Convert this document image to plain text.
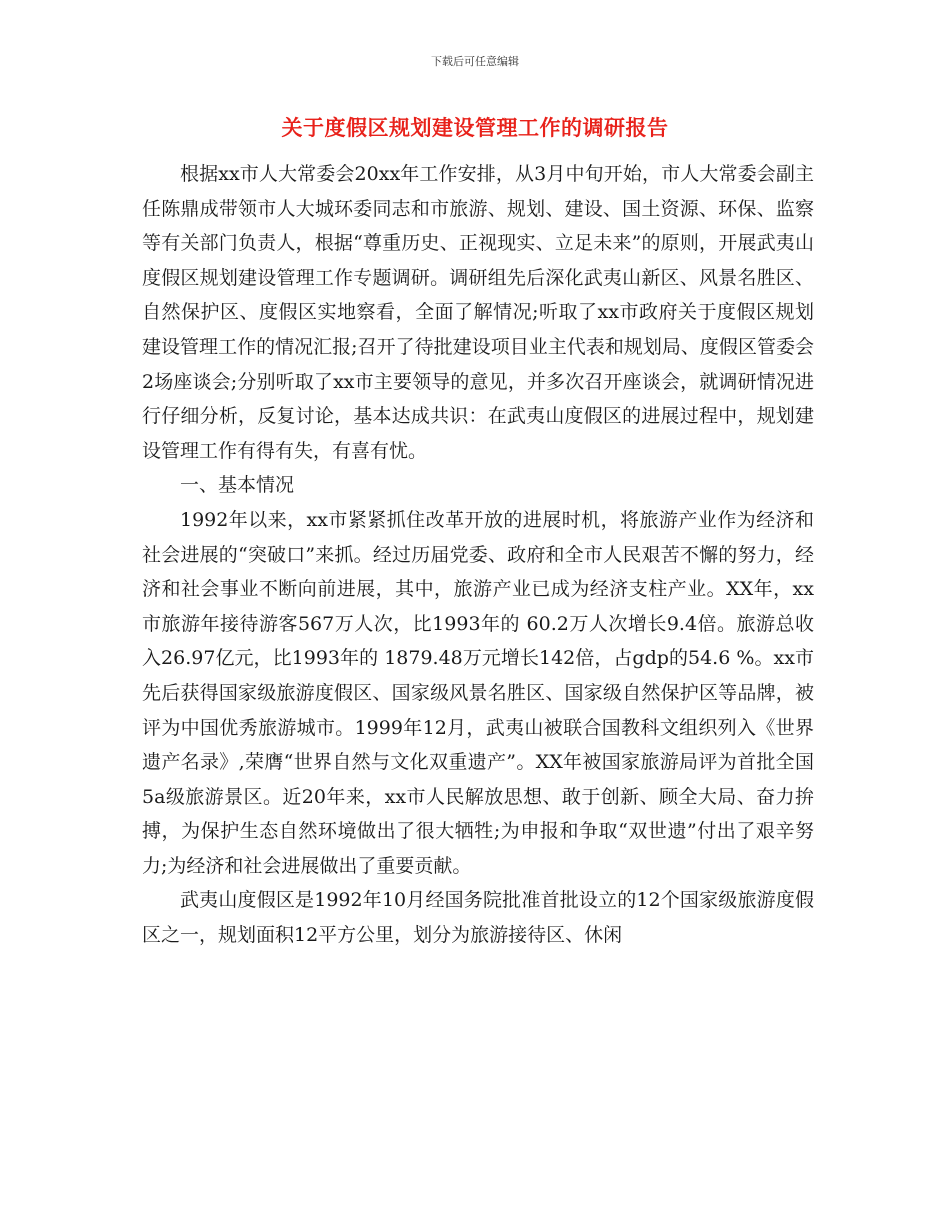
下载后可任意编辑
关于度假区规划建设管理工作的调研报告

根据xx市人大常委会20xx年工作安排，从3月中旬开始，市人大常委会副主任陈鼎成带领市人大城环委同志和市旅游、规划、建设、国土资源、环保、监察等有关部门负责人，根据“尊重历史、正视现实、立足未来”的原则，开展武夷山度假区规划建设管理工作专题调研。调研组先后深化武夷山新区、风景名胜区、自然保护区、度假区实地察看，全面了解情况;听取了xx市政府关于度假区规划建设管理工作的情况汇报;召开了待批建设项目业主代表和规划局、度假区管委会2场座谈会;分别听取了xx市主要领导的意见，并多次召开座谈会，就调研情况进行仔细分析，反复讨论，基本达成共识：在武夷山度假区的进展过程中，规划建设管理工作有得有失，有喜有忧。

一、基本情况

1992年以来，xx市紧紧抓住改革开放的进展时机，将旅游产业作为经济和社会进展的“突破口”来抓。经过历届党委、政府和全市人民艰苦不懈的努力，经济和社会事业不断向前进展，其中，旅游产业已成为经济支柱产业。XX年，xx市旅游年接待游客567万人次，比1993年的 60.2万人次增长9.4倍。旅游总收入26.97亿元，比1993年的 1879.48万元增长142倍，占gdp的54.6 %。xx市先后获得国家级旅游度假区、国家级风景名胜区、国家级自然保护区等品牌，被评为中国优秀旅游城市。1999年12月，武夷山被联合国教科文组织列入《世界遗产名录》,荣膺“世界自然与文化双重遗产”。XX年被国家旅游局评为首批全国5a级旅游景区。近20年来，xx市人民解放思想、敢于创新、顾全大局、奋力拚搏，为保护生态自然环境做出了很大牺牲;为申报和争取“双世遗”付出了艰辛努力;为经济和社会进展做出了重要贡献。

武夷山度假区是1992年10月经国务院批准首批设立的12个国家级旅游度假区之一，规划面积12平方公里，划分为旅游接待区、休闲
